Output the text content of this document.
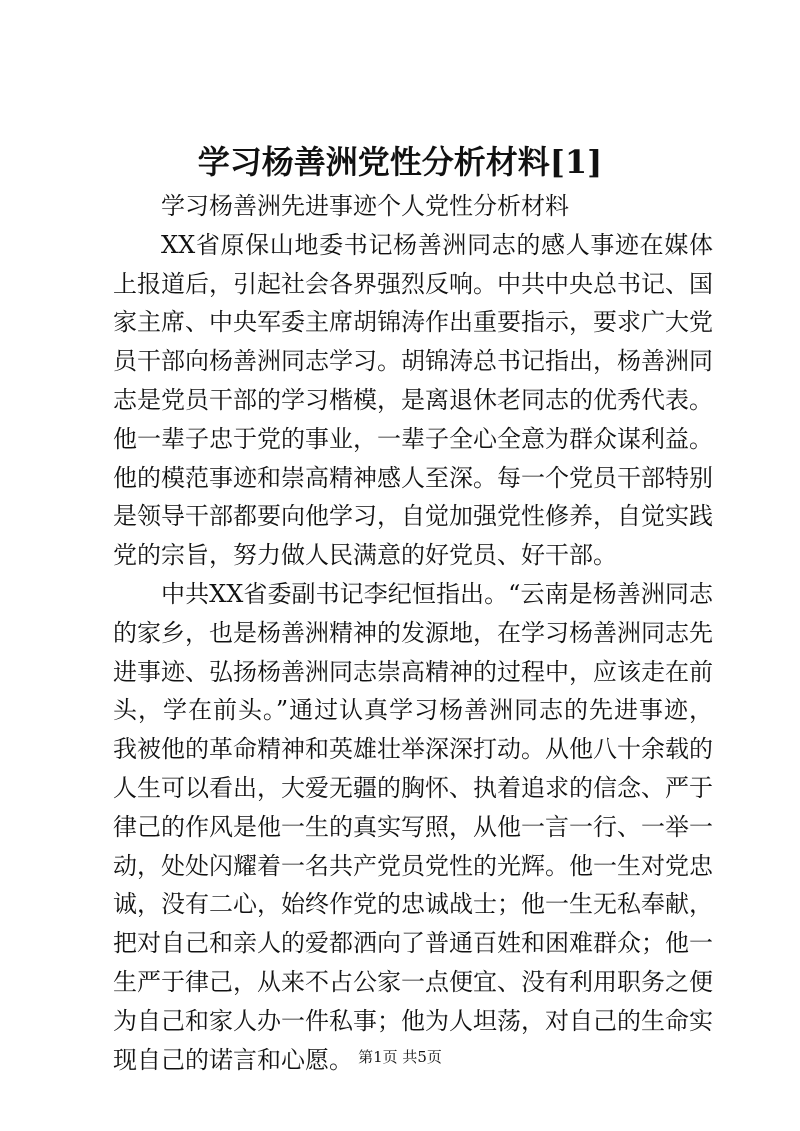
学习杨善洲党性分析材料[1]

学习杨善洲先进事迹个人党性分析材料

XX省原保山地委书记杨善洲同志的感人事迹在媒体上报道后，引起社会各界强烈反响。中共中央总书记、国家主席、中央军委主席胡锦涛作出重要指示，要求广大党员干部向杨善洲同志学习。胡锦涛总书记指出，杨善洲同志是党员干部的学习楷模，是离退休老同志的优秀代表。他一辈子忠于党的事业，一辈子全心全意为群众谋利益。他的模范事迹和崇高精神感人至深。每一个党员干部特别是领导干部都要向他学习，自觉加强党性修养，自觉实践党的宗旨，努力做人民满意的好党员、好干部。

中共XX省委副书记李纪恒指出。“云南是杨善洲同志的家乡，也是杨善洲精神的发源地，在学习杨善洲同志先进事迹、弘扬杨善洲同志崇高精神的过程中，应该走在前头，学在前头。”通过认真学习杨善洲同志的先进事迹，我被他的革命精神和英雄壮举深深打动。从他八十余载的人生可以看出，大爱无疆的胸怀、执着追求的信念、严于律己的作风是他一生的真实写照，从他一言一行、一举一动，处处闪耀着一名共产党员党性的光辉。他一生对党忠诚，没有二心，始终作党的忠诚战士；他一生无私奉献，把对自己和亲人的爱都洒向了普通百姓和困难群众；他一生严于律己，从来不占公家一点便宜、没有利用职务之便为自己和家人办一件私事；他为人坦荡，对自己的生命实现自己的诺言和心愿。 第1页 共5页
